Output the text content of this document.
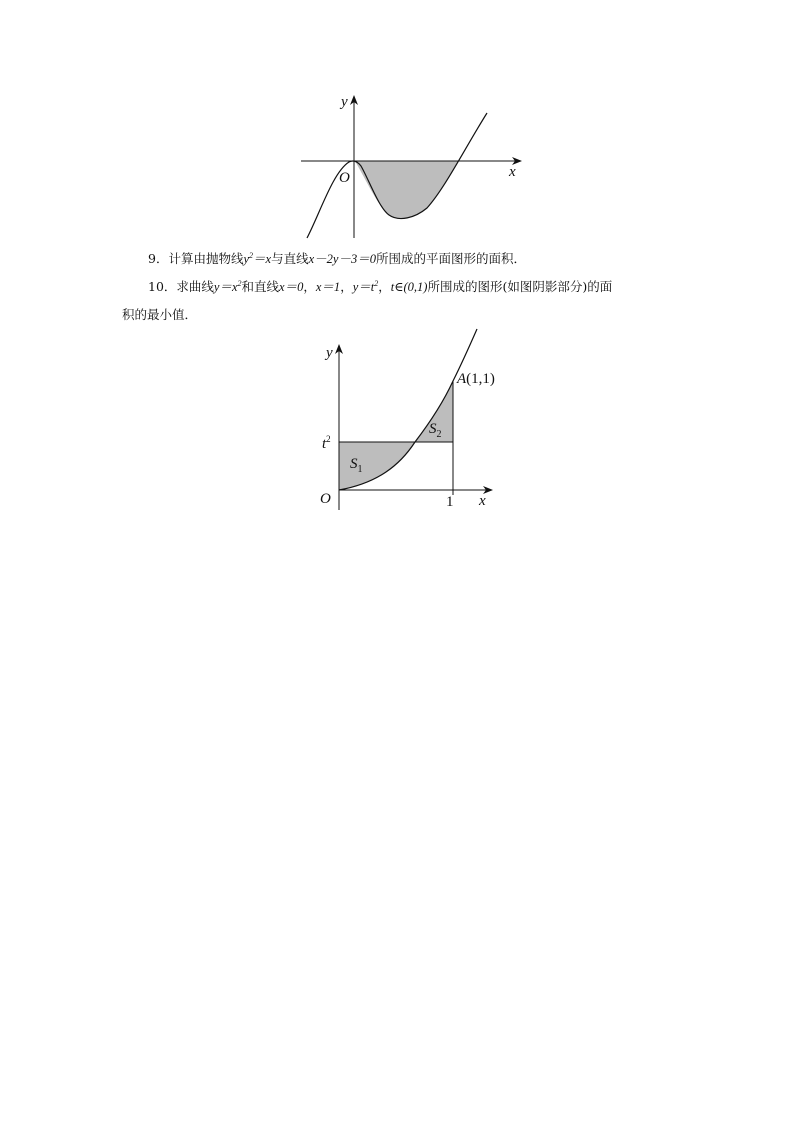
y
x
O
9．计算由抛物线$y^2=x$与直线x－2y－3＝0所围成的平面图形的面积．
10．求曲线$y=x^2$和直线x＝0，x＝1，$y=t^2$，t∈(0,1)所围成的图形(如图阴影部分)的面
积的最小值．
y
x
O
$t^2$
1
A(1,1)
$S_1$
$S_2$
